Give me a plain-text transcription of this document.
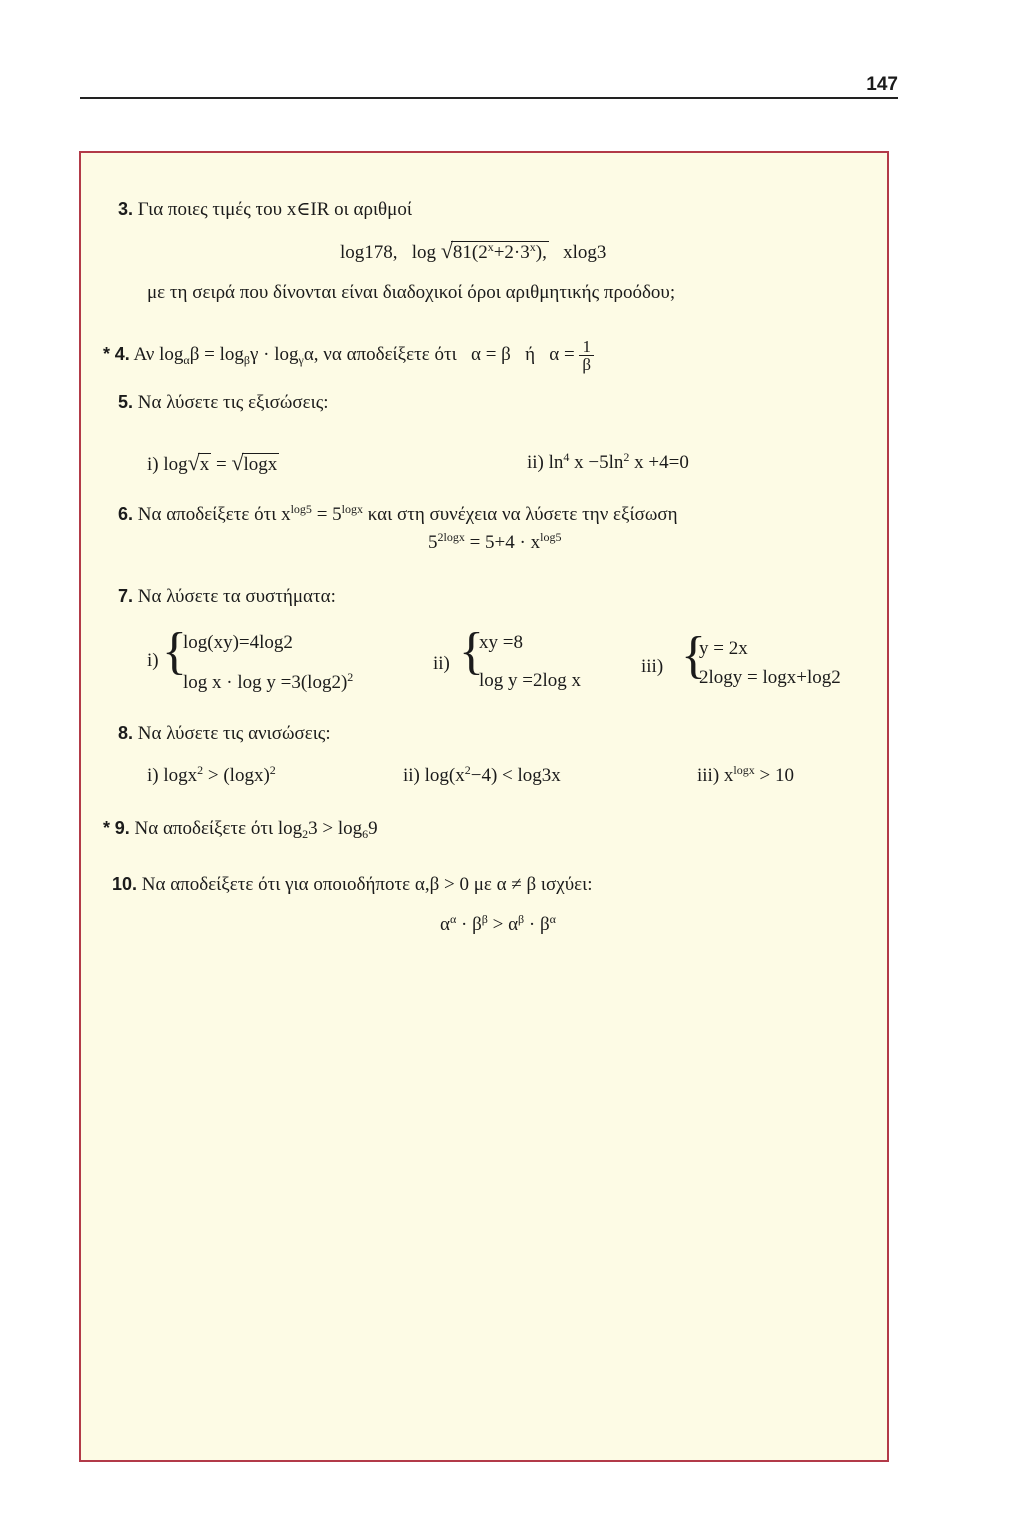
147
3. Για ποιες τιμές του x∈IR οι αριθμοί
log178, $\log √81(2^x+2\cdot 3^x)$, xlog3
με τη σειρά που δίνονται είναι διαδοχικοί όροι αριθμητικής προόδου;
* 4. Αν $\log_\alpha\beta = \log_\beta\gamma \cdot \log_\gamma\alpha$, να αποδείξετε ότι α = β ή $\alpha = \frac{1}{\beta}$
5. Να λύσετε τις εξισώσεις:
i) log√x = √logx	ii) $\ln^4 x -5\ln^2$ x +4=0
6. Να αποδείξετε ότι $x^{log5} = 5^{logx}$ και στη συνέχεια να λύσετε την εξίσωση
$5^{2logx} = 5+4 \cdot x^{log5}$
7. Να λύσετε τα συστήματα:
i) {
log(xy)=4log2
$\log x \cdot \log y =3(\log 2)^2$
ii) {
xy =8
log y =2log x
iii) {
y = 2x
2logy = logx+log2
8. Να λύσετε τις ανισώσεις:
i) $\log x^2 > (\log x)^2$	ii) $\log(x^2-4) < \log 3x$	iii) $x^{logx} > 10$
* 9. Να αποδείξετε ότι $\log_23 > \log_69$
10. Να αποδείξετε ότι για οποιοδήποτε α,β > 0 με α ≠ β ισχύει:
$\alpha^\alpha \cdot \beta^\beta > \alpha^\beta \cdot \beta^\alpha$
